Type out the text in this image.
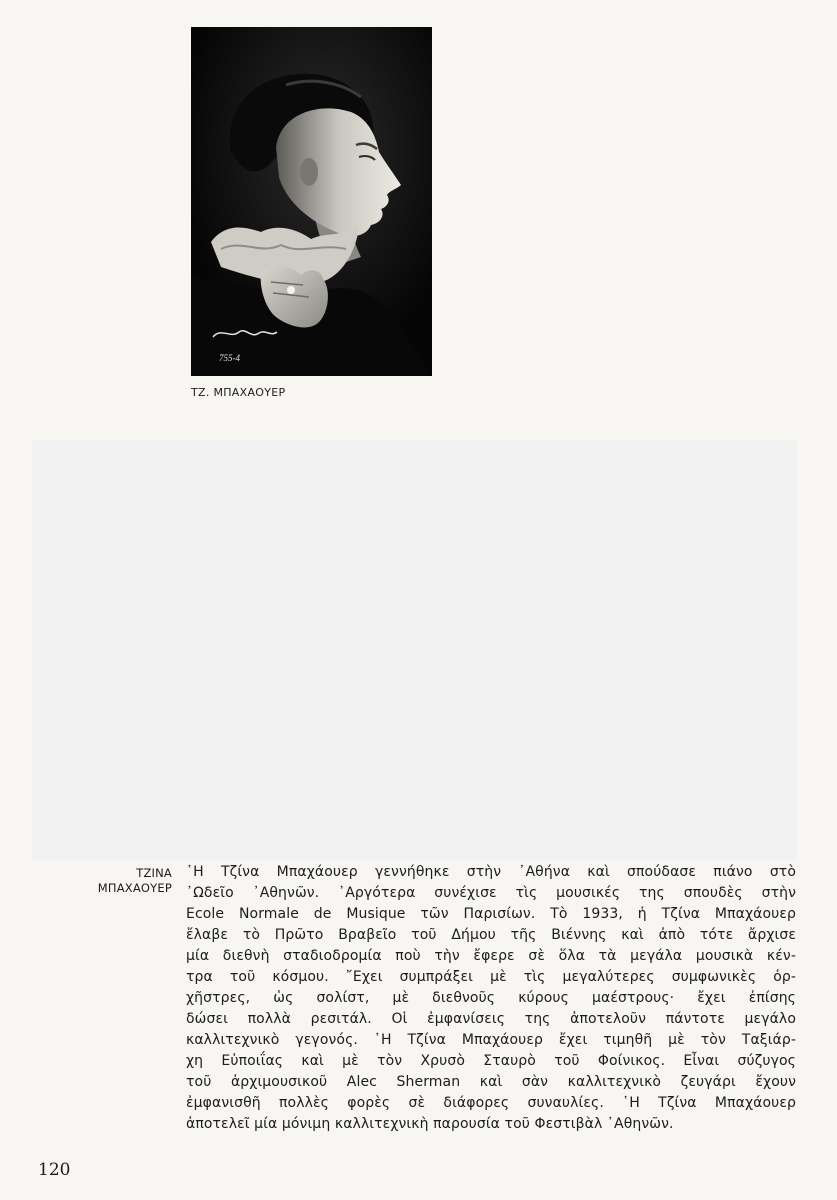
755-4
ΤΖ. ΜΠΑΧΑΟΥΕΡ
ΤΖΙΝΑ
ΜΠΑΧΑΟΥΕΡ
῾Η Τζίνα Μπαχάουερ γεννήθηκε στὴν ᾿Αθήνα καὶ σπούδασε πιάνο στὸ
᾿Ωδεῖο ᾿Αθηνῶν. ᾿Αργότερα συνέχισε τὶς μουσικές της σπουδὲς στὴν
Ecole Normale de Musique τῶν Παρισίων. Τὸ 1933, ἡ Τζίνα Μπαχάουερ
ἔλαβε τὸ Πρῶτο Βραβεῖο τοῦ Δήμου τῆς Βιέννης καὶ ἀπὸ τότε ἄρχισε
μία διεθνὴ σταδιοδρομία ποὺ τὴν ἔφερε σὲ ὅλα τὰ μεγάλα μουσικὰ κέν-
τρα τοῦ κόσμου. ῎Εχει συμπράξει μὲ τὶς μεγαλύτερες συμφωνικὲς ὀρ-
χῆστρες, ὡς σολίστ, μὲ διεθνοῦς κύρους μαέστρους· ἔχει ἐπίσης
δώσει πολλὰ ρεσιτάλ. Οἱ ἐμφανίσεις της ἀποτελοῦν πάντοτε μεγάλο
καλλιτεχνικὸ γεγονός. ῾Η Τζίνα Μπαχάουερ ἔχει τιμηθῆ μὲ τὸν Ταξιάρ-
χη Εὐποιΐας καὶ μὲ τὸν Χρυσὸ Σταυρὸ τοῦ Φοίνικος. Εἶναι σύζυγος
τοῦ ἀρχιμουσικοῦ Alec Sherman καὶ σὰν καλλιτεχνικὸ ζευγάρι ἔχουν
ἐμφανισθῆ πολλὲς φορὲς σὲ διάφορες συναυλίες. ῾Η Τζίνα Μπαχάουερ
ἀποτελεῖ μία μόνιμη καλλιτεχνικὴ παρουσία τοῦ Φεστιβὰλ ᾿Αθηνῶν.
120
